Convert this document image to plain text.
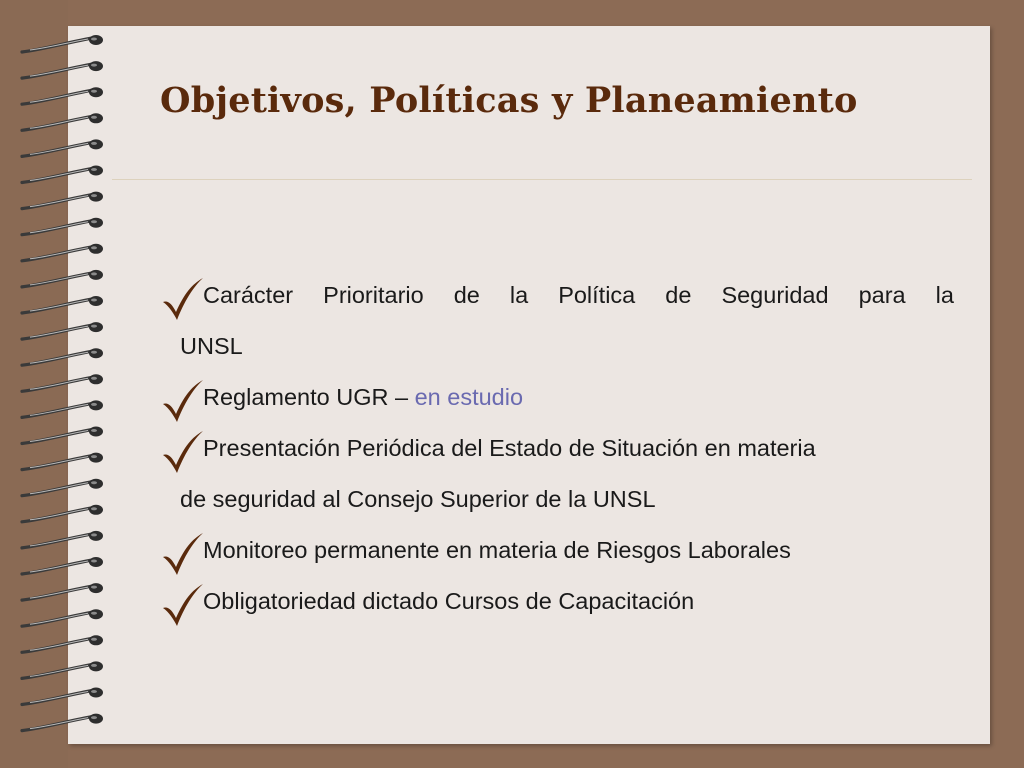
Objetivos, Políticas y Planeamiento
Carácter Prioritario de la Política de Seguridad para la
UNSL
Reglamento UGR – en estudio
Presentación Periódica del Estado de Situación en materia
de seguridad al Consejo Superior de la UNSL
Monitoreo permanente en materia de Riesgos Laborales
Obligatoriedad dictado Cursos de Capacitación
